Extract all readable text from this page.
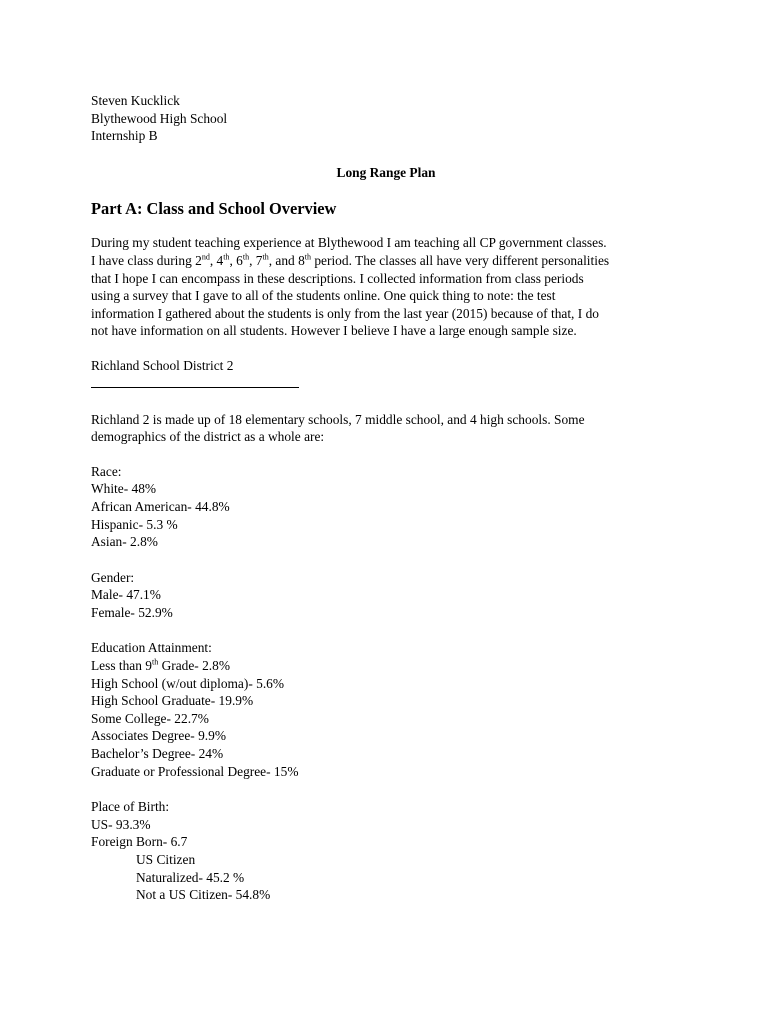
Steven Kucklick
Blythewood High School
Internship B
Long Range Plan
Part A: Class and School Overview
During my student teaching experience at Blythewood I am teaching all CP government classes.
I have class during 2nd, 4th, 6th, 7th, and 8th period. The classes all have very different personalities
that I hope I can encompass in these descriptions. I collected information from class periods
using a survey that I gave to all of the students online. One quick thing to note: the test
information I gathered about the students is only from the last year (2015) because of that, I do
not have information on all students. However I believe I have a large enough sample size.
Richland School District 2
Richland 2 is made up of 18 elementary schools, 7 middle school, and 4 high schools. Some
demographics of the district as a whole are:
Race:
White- 48%
African American- 44.8%
Hispanic- 5.3 %
Asian- 2.8%
Gender:
Male- 47.1%
Female- 52.9%
Education Attainment:
Less than 9th Grade- 2.8%
High School (w/out diploma)- 5.6%
High School Graduate- 19.9%
Some College- 22.7%
Associates Degree- 9.9%
Bachelor’s Degree- 24%
Graduate or Professional Degree- 15%
Place of Birth:
US- 93.3%
Foreign Born- 6.7
US Citizen
Naturalized- 45.2 %
Not a US Citizen- 54.8%
